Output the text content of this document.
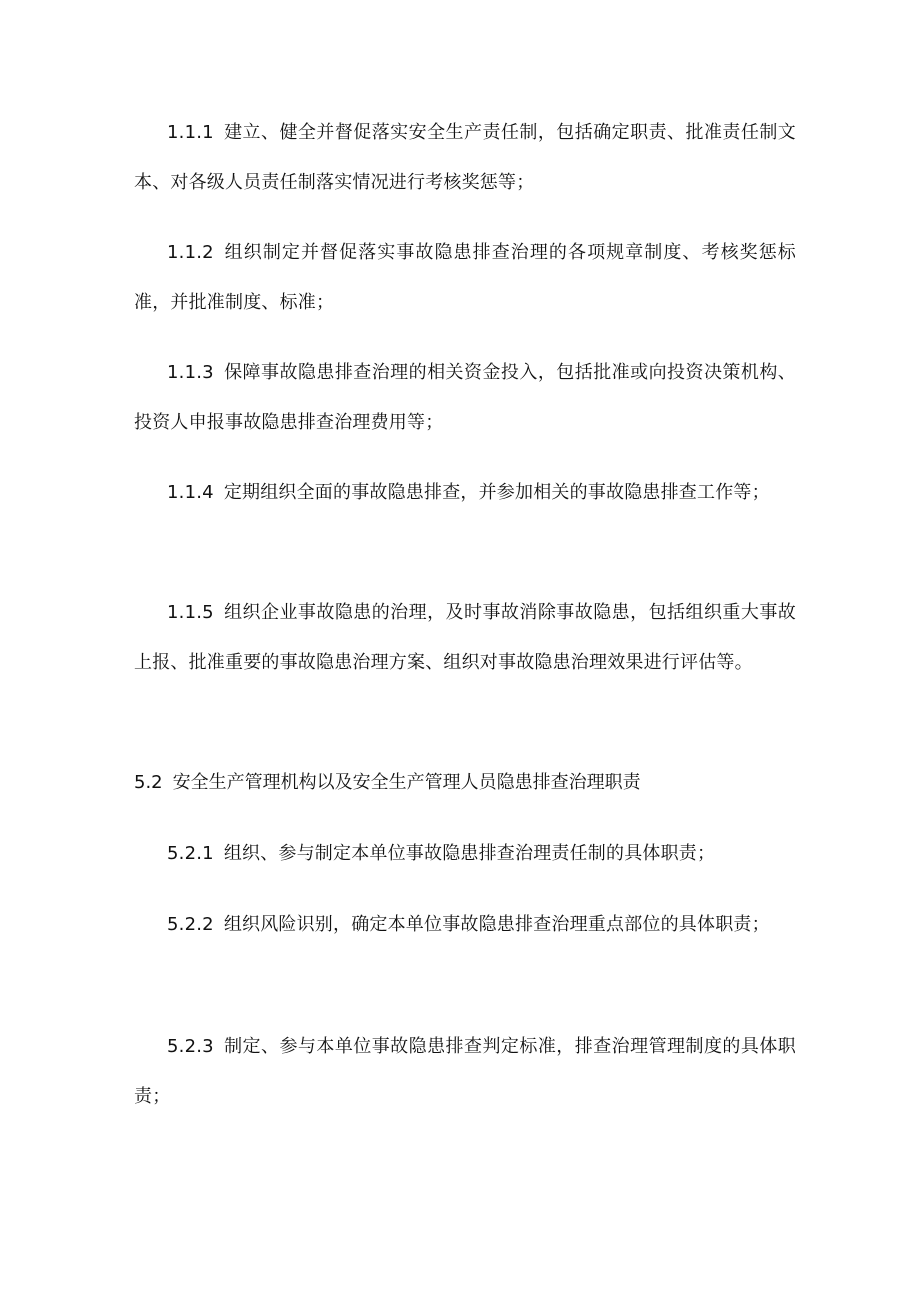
1.1.1 建立、健全并督促落实安全生产责任制，包括确定职责、批准责任制文本、对各级人员责任制落实情况进行考核奖惩等；

1.1.2 组织制定并督促落实事故隐患排查治理的各项规章制度、考核奖惩标准，并批准制度、标准；

1.1.3 保障事故隐患排查治理的相关资金投入，包括批准或向投资决策机构、投资人申报事故隐患排查治理费用等；

1.1.4 定期组织全面的事故隐患排查，并参加相关的事故隐患排查工作等；

1.1.5 组织企业事故隐患的治理，及时事故消除事故隐患，包括组织重大事故上报、批准重要的事故隐患治理方案、组织对事故隐患治理效果进行评估等。

5.2 安全生产管理机构以及安全生产管理人员隐患排查治理职责

5.2.1 组织、参与制定本单位事故隐患排查治理责任制的具体职责；

5.2.2 组织风险识别，确定本单位事故隐患排查治理重点部位的具体职责；

5.2.3 制定、参与本单位事故隐患排查判定标准，排查治理管理制度的具体职责；
